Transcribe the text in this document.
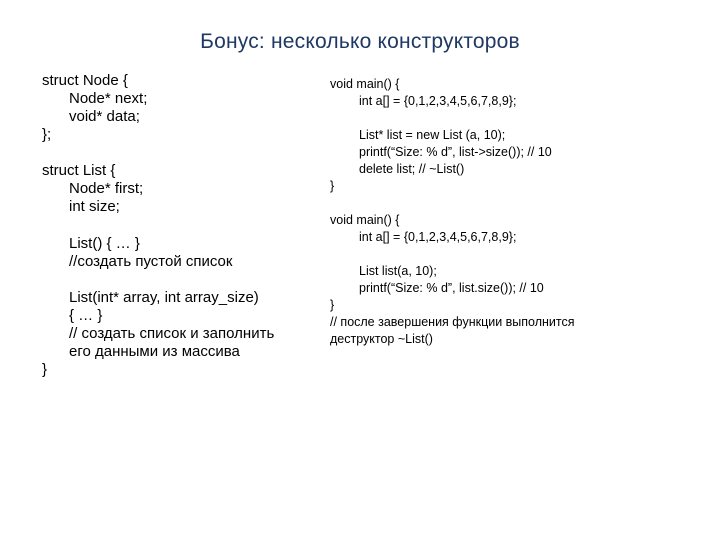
Бонус: несколько конструкторов
struct Node {
Node* next;
void* data;
};
struct List {
Node* first;
int size;
List() { … }
//создать пустой список
List(int* array, int array_size)
{ … }
// создать список и заполнить его данными из массива
}
void main() {
int a[] = {0,1,2,3,4,5,6,7,8,9};
List* list = new List (a, 10);
printf(“Size: % d”, list->size()); // 10
delete list; // ~List()
}
void main() {
int a[] = {0,1,2,3,4,5,6,7,8,9};
List list(a, 10);
printf(“Size: % d”, list.size()); // 10
}
// после завершения функции выполнится деструктор ~List()
